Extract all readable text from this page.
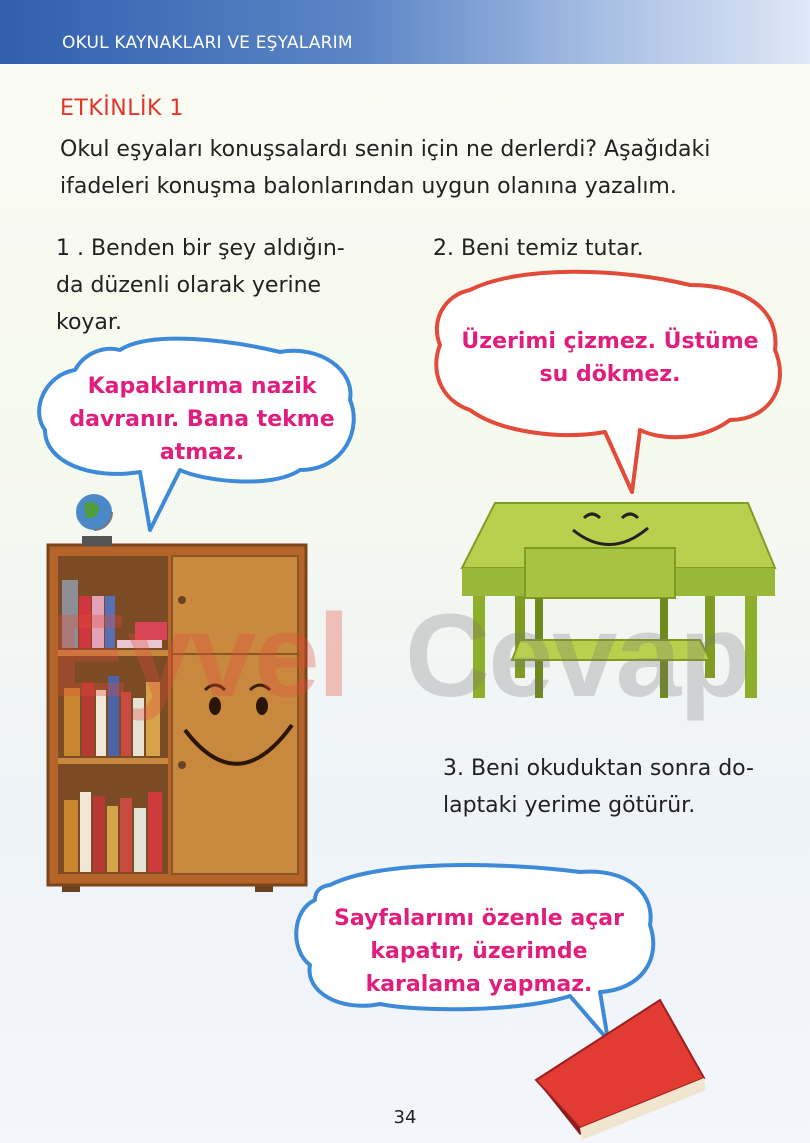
OKUL KAYNAKLARI VE EŞYALARIM
ETKİNLİK 1
Okul eşyaları konuşsalardı senin için ne derlerdi? Aşağıdaki ifadeleri konuşma balonlarından uygun olanına yazalım.
1 . Benden bir şey aldığın- da düzenli olarak yerine koyar.
2. Beni temiz tutar.
3. Beni okuduktan sonra do- laptaki yerime götürür.
Kapaklarıma nazik davranır. Bana tekme atmaz.
Üzerimi çizmez. Üstüme su dökmez.
Sayfalarımı özenle açar kapatır, üzerimde karalama yapmaz.
Eyvel Cevap
34
